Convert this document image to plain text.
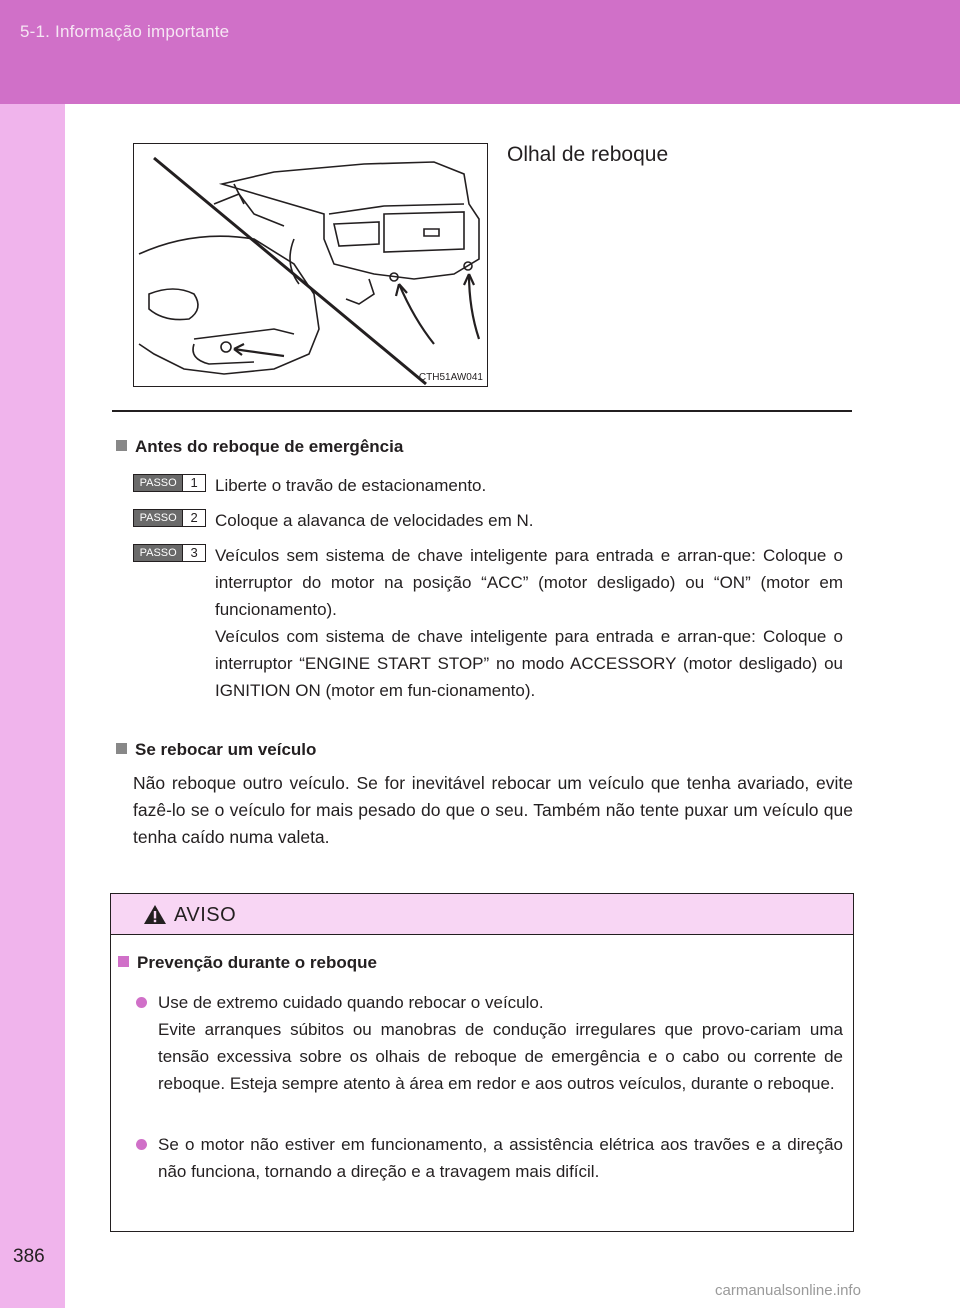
5-1. Informação importante
CTH51AW041
Olhal de reboque
Antes do reboque de emergência
PASSO	1	Liberte o travão de estacionamento.
PASSO	2	Coloque a alavanca de velocidades em N.
PASSO	3	Veículos sem sistema de chave inteligente para entrada e arran-que: Coloque o interruptor do motor na posição “ACC” (motor desligado) ou “ON” (motor em funcionamento).
Veículos com sistema de chave inteligente para entrada e arran-que: Coloque o interruptor “ENGINE START STOP” no modo ACCESSORY (motor desligado) ou IGNITION ON (motor em fun-cionamento).
Se rebocar um veículo
Não reboque outro veículo. Se for inevitável rebocar um veículo que tenha avariado, evite fazê-lo se o veículo for mais pesado do que o seu. Também não tente puxar um veículo que tenha caído numa valeta.
AVISO
Prevenção durante o reboque
Use de extremo cuidado quando rebocar o veículo.
Evite arranques súbitos ou manobras de condução irregulares que provo-cariam uma tensão excessiva sobre os olhais de reboque de emergência e o cabo ou corrente de reboque. Esteja sempre atento à área em redor e aos outros veículos, durante o reboque.
Se o motor não estiver em funcionamento, a assistência elétrica aos travões e a direção não funciona, tornando a direção e a travagem mais difícil.
386
carmanualsonline.info
